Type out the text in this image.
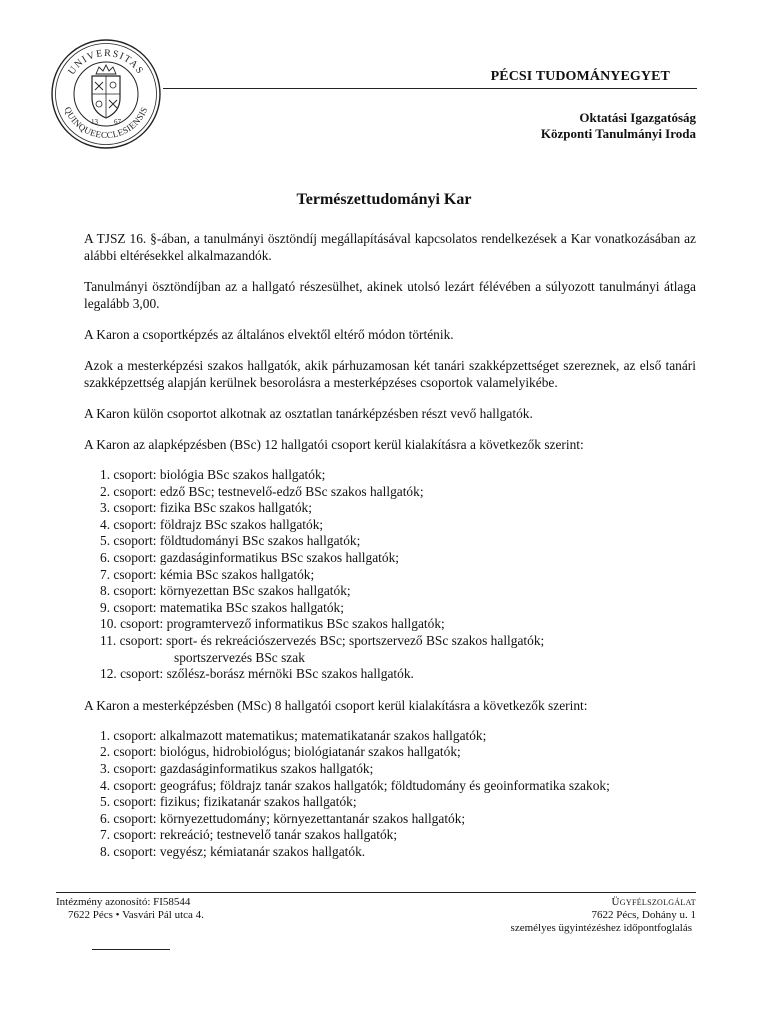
UNIVERSITAS
QUINQUEECCLESIENSIS
13 67
PÉCSI TUDOMÁNYEGYET
Oktatási Igazgatóság
Központi Tanulmányi Iroda
Természettudományi Kar

A TJSZ 16. §-ában, a tanulmányi ösztöndíj megállapításával kapcsolatos rendelkezések a Kar vonatkozásában az alábbi eltérésekkel alkalmazandók.

Tanulmányi ösztöndíjban az a hallgató részesülhet, akinek utolsó lezárt félévében a súlyozott tanulmányi átlaga legalább 3,00.

A Karon a csoportképzés az általános elvektől eltérő módon történik.

Azok a mesterképzési szakos hallgatók, akik párhuzamosan két tanári szakképzettséget szereznek, az első tanári szakképzettség alapján kerülnek besorolásra a mesterképzéses csoportok valamelyikébe.

A Karon külön csoportot alkotnak az osztatlan tanárképzésben részt vevő hallgatók.

A Karon az alapképzésben (BSc) 12 hallgatói csoport kerül kialakításra a következők szerint:

1. csoport: biológia BSc szakos hallgatók;
2. csoport: edző BSc; testnevelő-edző BSc szakos hallgatók;
3. csoport: fizika BSc szakos hallgatók;
4. csoport: földrajz BSc szakos hallgatók;
5. csoport: földtudományi BSc szakos hallgatók;
6. csoport: gazdaságinformatikus BSc szakos hallgatók;
7. csoport: kémia BSc szakos hallgatók;
8. csoport: környezettan BSc szakos hallgatók;
9. csoport: matematika BSc szakos hallgatók;
10. csoport: programtervező informatikus BSc szakos hallgatók;
11. csoport: sport- és rekreációszervezés BSc; sportszervező BSc szakos hallgatók;
sportszervezés BSc szak
12. csoport: szőlész-borász mérnöki BSc szakos hallgatók.

A Karon a mesterképzésben (MSc) 8 hallgatói csoport kerül kialakításra a következők szerint:

1. csoport: alkalmazott matematikus; matematikatanár szakos hallgatók;
2. csoport: biológus, hidrobiológus; biológiatanár szakos hallgatók;
3. csoport: gazdaságinformatikus szakos hallgatók;
4. csoport: geográfus; földrajz tanár szakos hallgatók; földtudomány és geoinformatika szakok;
5. csoport: fizikus; fizikatanár szakos hallgatók;
6. csoport: környezettudomány; környezettantanár szakos hallgatók;
7. csoport: rekreáció; testnevelő tanár szakos hallgatók;
8. csoport: vegyész; kémiatanár szakos hallgatók.
Intézmény azonosító: FI58544
7622 Pécs • Vasvári Pál utca 4.
Ügyfélszolgálat
7622 Pécs, Dohány u. 1
személyes ügyintézéshez időpontfoglalás
